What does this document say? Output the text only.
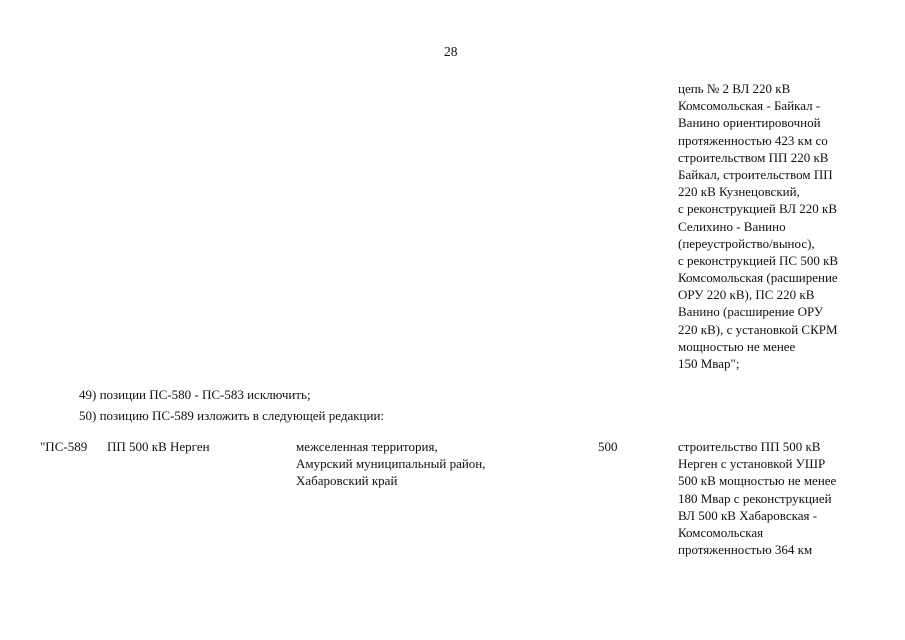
28
цепь № 2 ВЛ 220 кВ
Комсомольская - Байкал -
Ванино ориентировочной
протяженностью 423 км со
строительством ПП 220 кВ
Байкал, строительством ПП
220 кВ Кузнецовский,
с реконструкцией ВЛ 220 кВ
Селихино - Ванино
(переустройство/вынос),
с реконструкцией ПС 500 кВ
Комсомольская (расширение
ОРУ 220 кВ), ПС 220 кВ
Ванино (расширение ОРУ
220 кВ), с установкой СКРМ
мощностью не менее
150 Мвар";
49) позиции ПС-580 - ПС-583 исключить;
50) позицию ПС-589 изложить в следующей редакции:
"ПС-589 ПП 500 кВ Нерген	межселенная территория,
Амурский муниципальный район,
Хабаровский край
500	строительство ПП 500 кВ
Нерген с установкой УШР
500 кВ мощностью не менее
180 Мвар с реконструкцией
ВЛ 500 кВ Хабаровская -
Комсомольская
протяженностью 364 км
